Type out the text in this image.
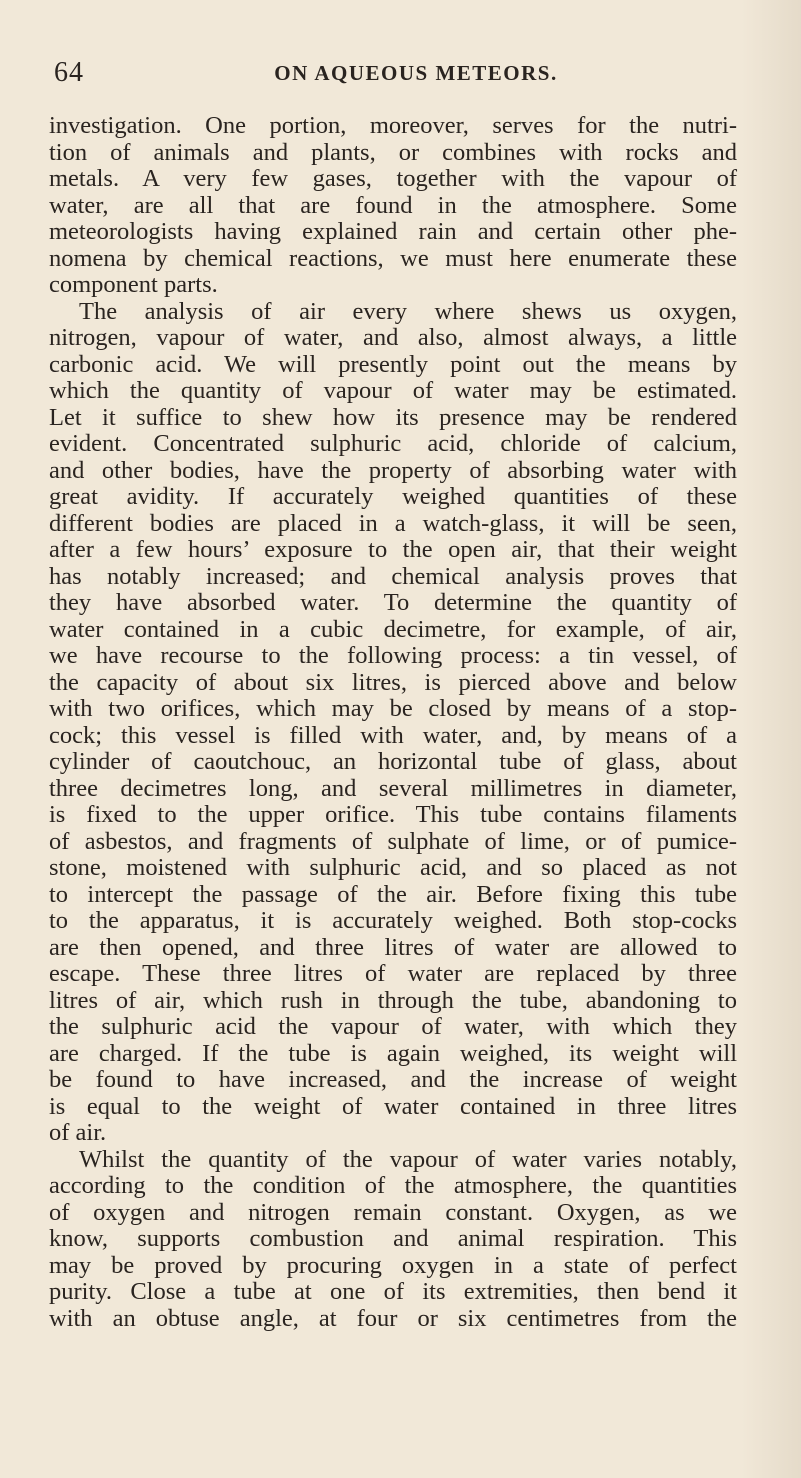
64	ON AQUEOUS METEORS.
investigation. One portion, moreover, serves for the nutri-
tion of animals and plants, or combines with rocks and
metals. A very few gases, together with the vapour of
water, are all that are found in the atmosphere. Some
meteorologists having explained rain and certain other phe-
nomena by chemical reactions, we must here enumerate these
component parts.
The analysis of air every where shews us oxygen,
nitrogen, vapour of water, and also, almost always, a little
carbonic acid. We will presently point out the means by
which the quantity of vapour of water may be estimated.
Let it suffice to shew how its presence may be rendered
evident. Concentrated sulphuric acid, chloride of calcium,
and other bodies, have the property of absorbing water with
great avidity. If accurately weighed quantities of these
different bodies are placed in a watch-glass, it will be seen,
after a few hours’ exposure to the open air, that their weight
has notably increased; and chemical analysis proves that
they have absorbed water. To determine the quantity of
water contained in a cubic decimetre, for example, of air,
we have recourse to the following process: a tin vessel, of
the capacity of about six litres, is pierced above and below
with two orifices, which may be closed by means of a stop-
cock; this vessel is filled with water, and, by means of a
cylinder of caoutchouc, an horizontal tube of glass, about
three decimetres long, and several millimetres in diameter,
is fixed to the upper orifice. This tube contains filaments
of asbestos, and fragments of sulphate of lime, or of pumice-
stone, moistened with sulphuric acid, and so placed as not
to intercept the passage of the air. Before fixing this tube
to the apparatus, it is accurately weighed. Both stop-cocks
are then opened, and three litres of water are allowed to
escape. These three litres of water are replaced by three
litres of air, which rush in through the tube, abandoning to
the sulphuric acid the vapour of water, with which they
are charged. If the tube is again weighed, its weight will
be found to have increased, and the increase of weight
is equal to the weight of water contained in three litres
of air.
Whilst the quantity of the vapour of water varies notably,
according to the condition of the atmosphere, the quantities
of oxygen and nitrogen remain constant. Oxygen, as we
know, supports combustion and animal respiration. This
may be proved by procuring oxygen in a state of perfect
purity. Close a tube at one of its extremities, then bend it
with an obtuse angle, at four or six centimetres from the
